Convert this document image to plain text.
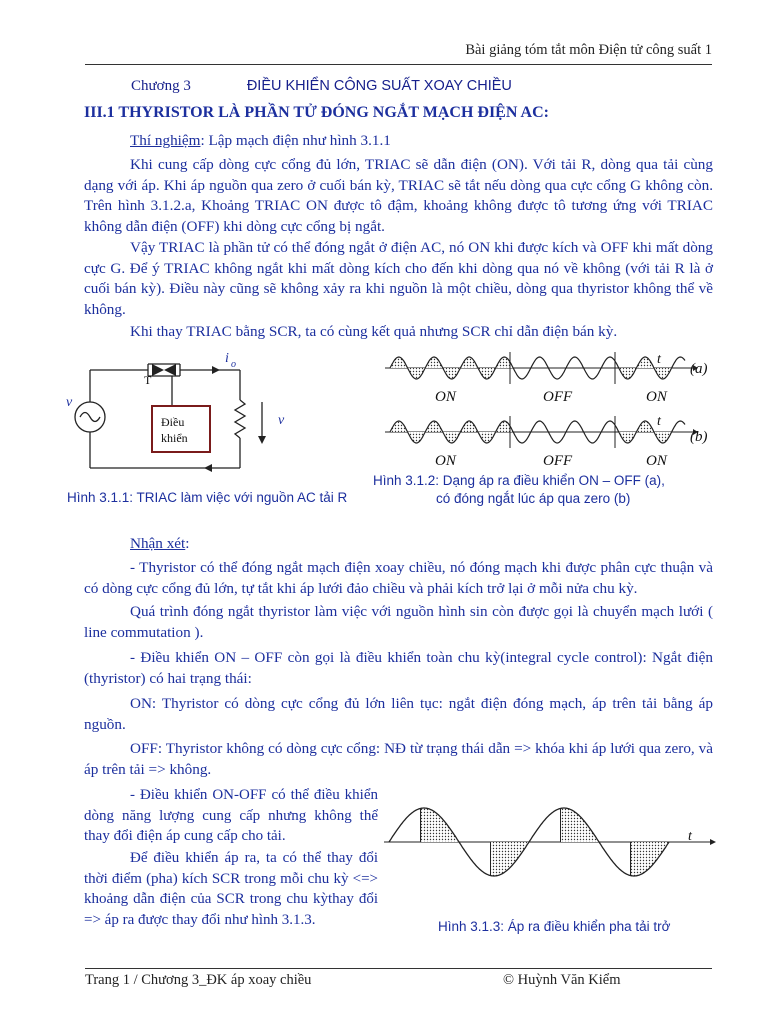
Bài giảng tóm tắt môn Điện tử công suất 1
Chương 3	ĐIỀU KHIỂN CÔNG SUẤT XOAY CHIỀU
III.1 THYRISTOR LÀ PHẦN TỬ ĐÓNG NGẮT MẠCH ĐIỆN AC:
Thí nghiệm: Lập mạch điện như hình 3.1.1
Khi cung cấp dòng cực cổng đủ lớn, TRIAC sẽ dẫn điện (ON). Với tải R, dòng qua tải cùng dạng với áp. Khi áp nguồn qua zero ở cuối bán kỳ, TRIAC sẽ tắt nếu dòng qua cực cổng G không còn. Trên hình 3.1.2.a, Khoảng TRIAC ON được tô đậm, khoảng không được tô tương ứng với TRIAC không dẫn điện (OFF) khi dòng cực cổng bị ngắt.
Vậy TRIAC là phần tử có thể đóng ngắt ở điện AC, nó ON khi được kích và OFF khi mất dòng cực G. Để ý TRIAC không ngắt khi mất dòng kích cho đến khi dòng qua nó về không (với tải R là ở cuối bán kỳ). Điều này cũng sẽ không xảy ra khi nguồn là một chiều, dòng qua thyristor không thể về không.
Khi thay TRIAC bằng SCR, ta có cùng kết quả nhưng SCR chỉ dẫn điện bán kỳ.
Điều
khiển
v
T
i o
v
Hình 3.1.1: TRIAC làm việc với nguồn AC tải R
t
(a)
ON	OFF	ON
t
(b)
ON	OFF	ON
Hình 3.1.2: Dạng áp ra điều khiển ON – OFF (a),
có đóng ngắt lúc áp qua zero (b)
Nhận xét:
- Thyristor có thể đóng ngắt mạch điện xoay chiều, nó đóng mạch khi được phân cực thuận và có dòng cực cổng đủ lớn, tự tắt khi áp lưới đảo chiều và phải kích trở lại ở mỗi nửa chu kỳ.
Quá trình đóng ngắt thyristor làm việc với nguồn hình sin còn được gọi là chuyển mạch lưới ( line commutation ).
- Điều khiển ON – OFF còn gọi là điều khiển toàn chu kỳ(integral cycle control): Ngắt điện (thyristor) có hai trạng thái:
ON: Thyristor có dòng cực cổng đủ lớn liên tục: ngắt điện đóng mạch, áp trên tải bằng áp nguồn.
OFF: Thyristor không có dòng cực cổng: NĐ từ trạng thái dẫn => khóa khi áp lưới qua zero, và áp trên tải => không.
- Điều khiển ON-OFF có thể điều khiển dòng năng lượng cung cấp nhưng không thể thay đổi điện áp cung cấp cho tải.
Để điều khiển áp ra, ta có thể thay đổi thời điểm (pha) kích SCR trong mỗi chu kỳ <=> khoảng dẫn điện của SCR trong chu kỳthay đổi => áp ra được thay đổi như hình 3.1.3.
t
Hình 3.1.3: Áp ra điều khiển pha tải trở
Trang 1 / Chương 3_ĐK áp xoay chiều	© Huỳnh Văn Kiểm
